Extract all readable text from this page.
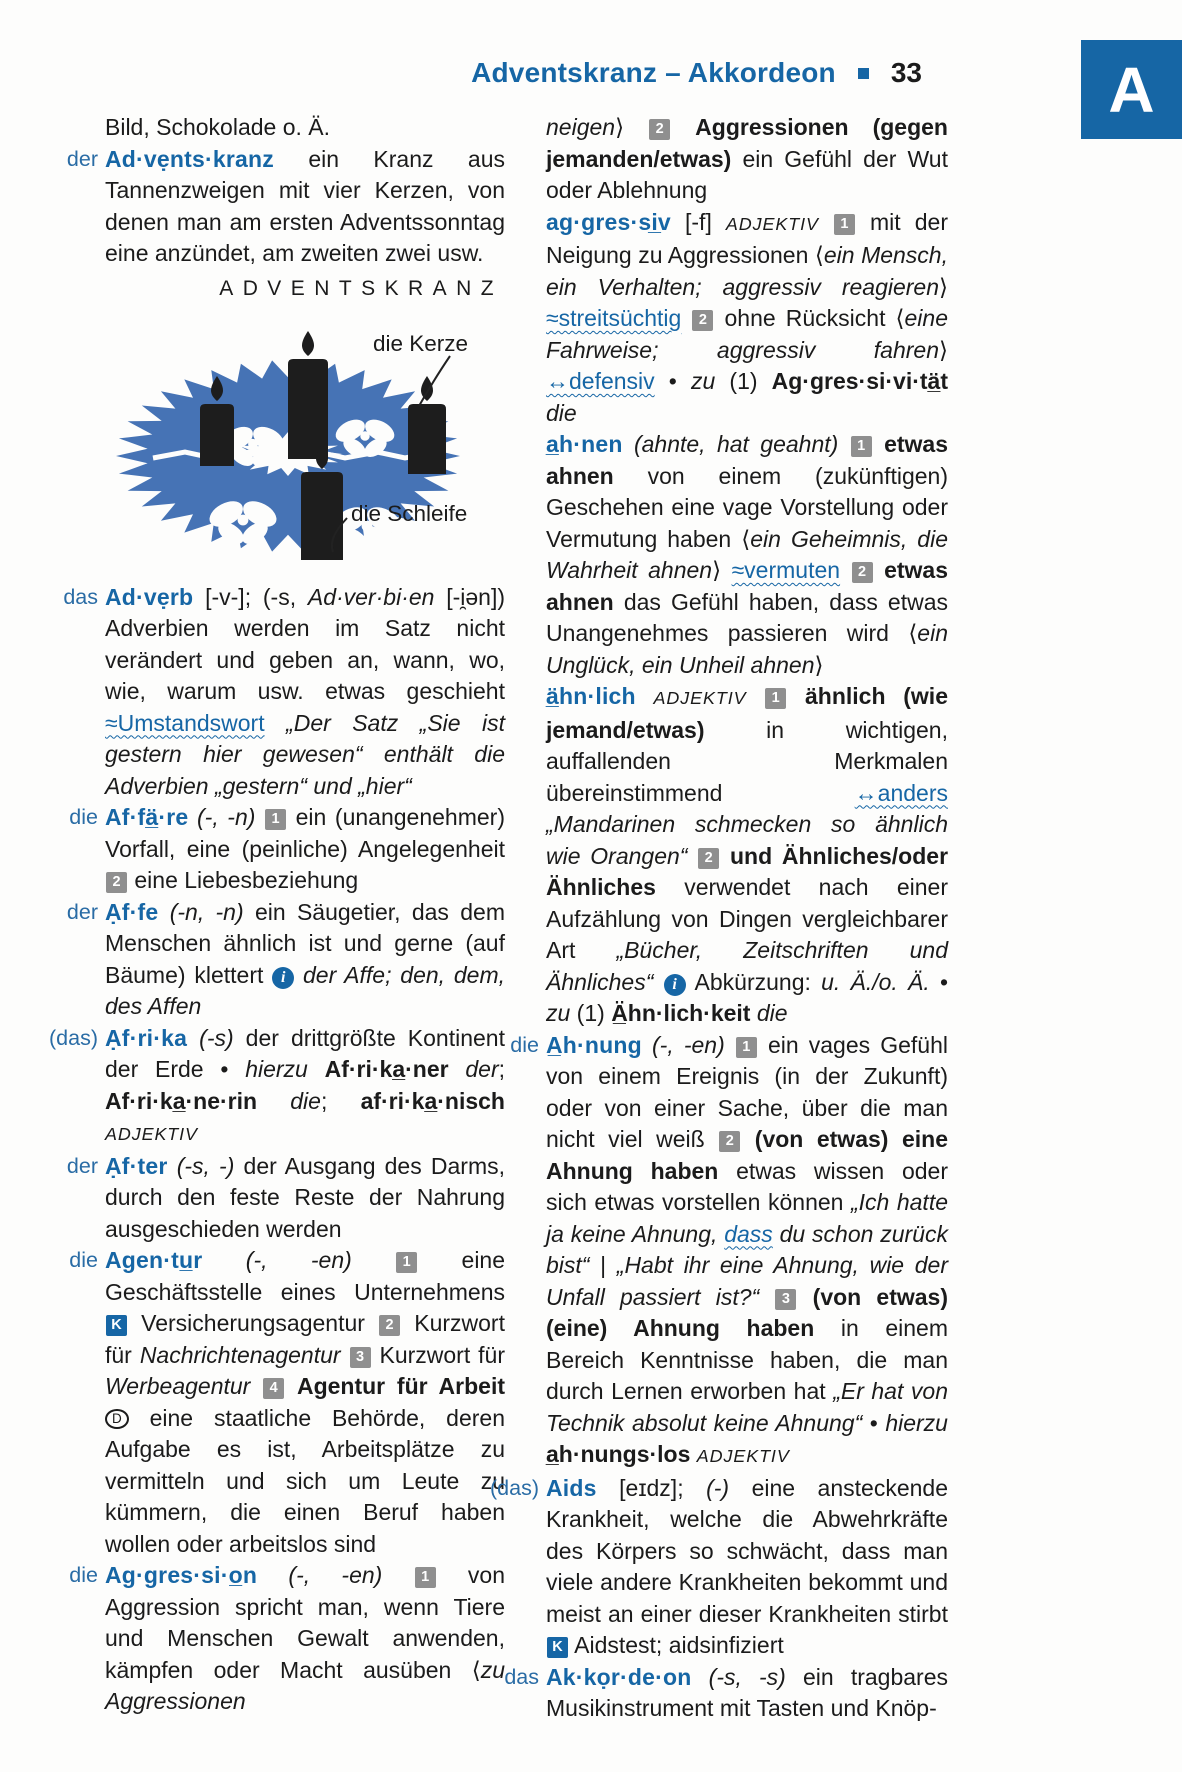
Adventskranz – Akkordeon 33	A

Bild, Schokolade o. Ä.

der Ad·vẹnts·kranz ein Kranz aus Tannenzweigen mit vier Kerzen, von denen man am ersten Adventssonntag eine anzündet, am zweiten zwei usw.

ADVENTSKRANZ
die Kerze
die Schleife

das Ad·vẹrb [-v-]; (-s, Ad·ver·bi·en [-i̯ən]) Adverbien werden im Satz nicht verändert und geben an, wann, wo, wie, warum usw. etwas geschieht ≈Umstandswort „Der Satz „Sie ist gestern hier gewesen“ enthält die Adverbien „gestern“ und „hier“

die Af·fä̲·re (-, -n) 1 ein (unangenehmer) Vorfall, eine (peinliche) Angelegenheit 2 eine Liebesbeziehung

der Ạf·fe (-n, -n) ein Säugetier, das dem Menschen ähnlich ist und gerne (auf Bäume) klettert i der Affe; den, dem, des Affen

(das) Ạf·ri·ka (-s) der drittgrößte Kontinent der Erde • hierzu Af·ri·ka̲·ner der; Af·ri·ka̲·ne·rin die; af·ri·ka̲·nisch ADJEKTIV

der Ạf·ter (-s, -) der Ausgang des Darms, durch den feste Reste der Nahrung ausgeschieden werden

die Agen·tu̲r (-, -en) 1 eine Geschäftsstelle eines Unternehmens K Versicherungsagentur 2 Kurzwort für Nachrichtenagentur 3 Kurzwort für Werbeagentur 4 Agentur für Arbeit D eine staatliche Behörde, deren Aufgabe es ist, Arbeitsplätze zu vermitteln und sich um Leute zu kümmern, die einen Beruf haben wollen oder arbeitslos sind

die Ag·gres·si·o̲n (-, -en) 1 von Aggression spricht man, wenn Tiere und Menschen Gewalt anwenden, kämpfen oder Macht ausüben ⟨zu Aggressionen

neigen⟩ 2 Aggressionen (gegen jemanden/etwas) ein Gefühl der Wut oder Ablehnung

ag·gres·si̲v [-f] ADJEKTIV 1 mit der Neigung zu Aggressionen ⟨ein Mensch, ein Verhalten; aggressiv reagieren⟩ ≈streitsüchtig 2 ohne Rücksicht ⟨eine Fahrweise; aggressiv fahren⟩ ↔defensiv • zu (1) Ag·gres·si·vi·tä̲t die

a̲h·nen (ahnte, hat geahnt) 1 etwas ahnen von einem (zukünftigen) Geschehen eine vage Vorstellung oder Vermutung haben ⟨ein Geheimnis, die Wahrheit ahnen⟩ ≈vermuten 2 etwas ahnen das Gefühl haben, dass etwas Unangenehmes passieren wird ⟨ein Unglück, ein Unheil ahnen⟩

ä̲hn·lich ADJEKTIV 1 ähnlich (wie jemand/etwas) in wichtigen, auffallenden Merkmalen übereinstimmend ↔anders „Mandarinen schmecken so ähnlich wie Orangen“ 2 und Ähnliches/oder Ähnliches verwendet nach einer Aufzählung von Dingen vergleichbarer Art „Bücher, Zeitschriften und Ähnliches“ i Abkürzung: u. Ä./o. Ä. • zu (1) Ä̲hn·lich·keit die

die A̲h·nung (-, -en) 1 ein vages Gefühl von einem Ereignis (in der Zukunft) oder von einer Sache, über die man nicht viel weiß 2 (von etwas) eine Ahnung haben etwas wissen oder sich etwas vorstellen können „Ich hatte ja keine Ahnung, dass du schon zurück bist“ | „Habt ihr eine Ahnung, wie der Unfall passiert ist?“ 3 (von etwas) (eine) Ahnung haben in einem Bereich Kenntnisse haben, die man durch Lernen erworben hat „Er hat von Technik absolut keine Ahnung“ • hierzu a̲h·nungs·los ADJEKTIV

(das) Aids [eɪdz]; (-) eine ansteckende Krankheit, welche die Abwehrkräfte des Körpers so schwächt, dass man viele andere Krankheiten bekommt und meist an einer dieser Krankheiten stirbt K Aidstest; aidsinfiziert

das Ak·kọr·de·on (-s, -s) ein tragbares Musikinstrument mit Tasten und Knöp-
